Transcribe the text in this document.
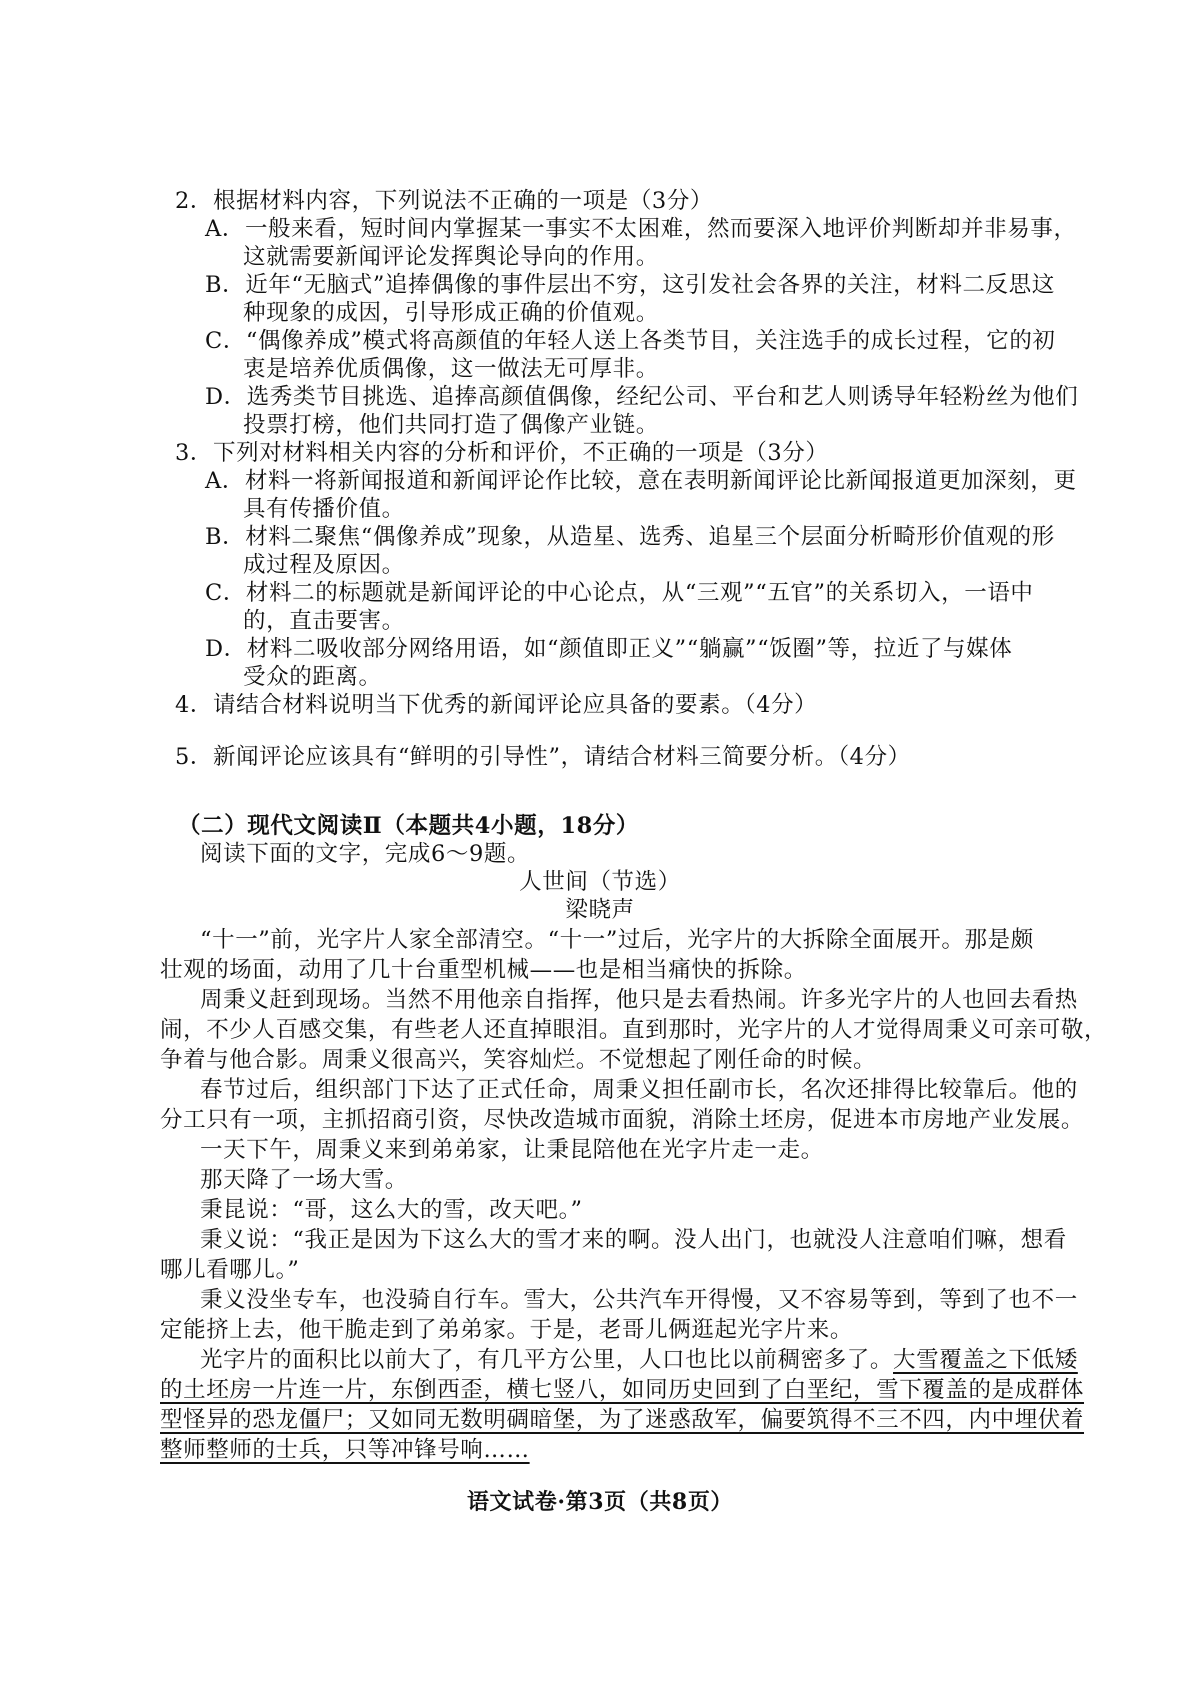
2．根据材料内容，下列说法不正确的一项是（3分）
A．一般来看，短时间内掌握某一事实不太困难，然而要深入地评价判断却并非易事，
这就需要新闻评论发挥舆论导向的作用。
B．近年“无脑式”追捧偶像的事件层出不穷，这引发社会各界的关注，材料二反思这
种现象的成因，引导形成正确的价值观。
C．“偶像养成”模式将高颜值的年轻人送上各类节目，关注选手的成长过程，它的初
衷是培养优质偶像，这一做法无可厚非。
D．选秀类节目挑选、追捧高颜值偶像，经纪公司、平台和艺人则诱导年轻粉丝为他们
投票打榜，他们共同打造了偶像产业链。
3．下列对材料相关内容的分析和评价，不正确的一项是（3分）
A．材料一将新闻报道和新闻评论作比较，意在表明新闻评论比新闻报道更加深刻，更
具有传播价值。
B．材料二聚焦“偶像养成”现象，从造星、选秀、追星三个层面分析畸形价值观的形
成过程及原因。
C．材料二的标题就是新闻评论的中心论点，从“三观”“五官”的关系切入，一语中
的，直击要害。
D．材料二吸收部分网络用语，如“颜值即正义”“躺赢”“饭圈”等，拉近了与媒体
受众的距离。
4．请结合材料说明当下优秀的新闻评论应具备的要素。（4分）
5．新闻评论应该具有“鲜明的引导性”，请结合材料三简要分析。（4分）
（二）现代文阅读Ⅱ（本题共4小题，18分）
阅读下面的文字，完成6～9题。
人世间（节选）
梁晓声
“十一”前，光字片人家全部清空。“十一”过后，光字片的大拆除全面展开。那是颇
壮观的场面，动用了几十台重型机械——也是相当痛快的拆除。
周秉义赶到现场。当然不用他亲自指挥，他只是去看热闹。许多光字片的人也回去看热
闹，不少人百感交集，有些老人还直掉眼泪。直到那时，光字片的人才觉得周秉义可亲可敬，
争着与他合影。周秉义很高兴，笑容灿烂。不觉想起了刚任命的时候。
春节过后，组织部门下达了正式任命，周秉义担任副市长，名次还排得比较靠后。他的
分工只有一项，主抓招商引资，尽快改造城市面貌，消除土坯房，促进本市房地产业发展。
一天下午，周秉义来到弟弟家，让秉昆陪他在光字片走一走。
那天降了一场大雪。
秉昆说：“哥，这么大的雪，改天吧。”
秉义说：“我正是因为下这么大的雪才来的啊。没人出门，也就没人注意咱们嘛，想看
哪儿看哪儿。”
秉义没坐专车，也没骑自行车。雪大，公共汽车开得慢，又不容易等到，等到了也不一
定能挤上去，他干脆走到了弟弟家。于是，老哥儿俩逛起光字片来。
光字片的面积比以前大了，有几平方公里，人口也比以前稠密多了。大雪覆盖之下低矮
的土坯房一片连一片，东倒西歪，横七竖八，如同历史回到了白垩纪，雪下覆盖的是成群体
型怪异的恐龙僵尸；又如同无数明碉暗堡，为了迷惑敌军，偏要筑得不三不四，内中埋伏着
整师整师的士兵，只等冲锋号响……
语文试卷·第3页（共8页）
